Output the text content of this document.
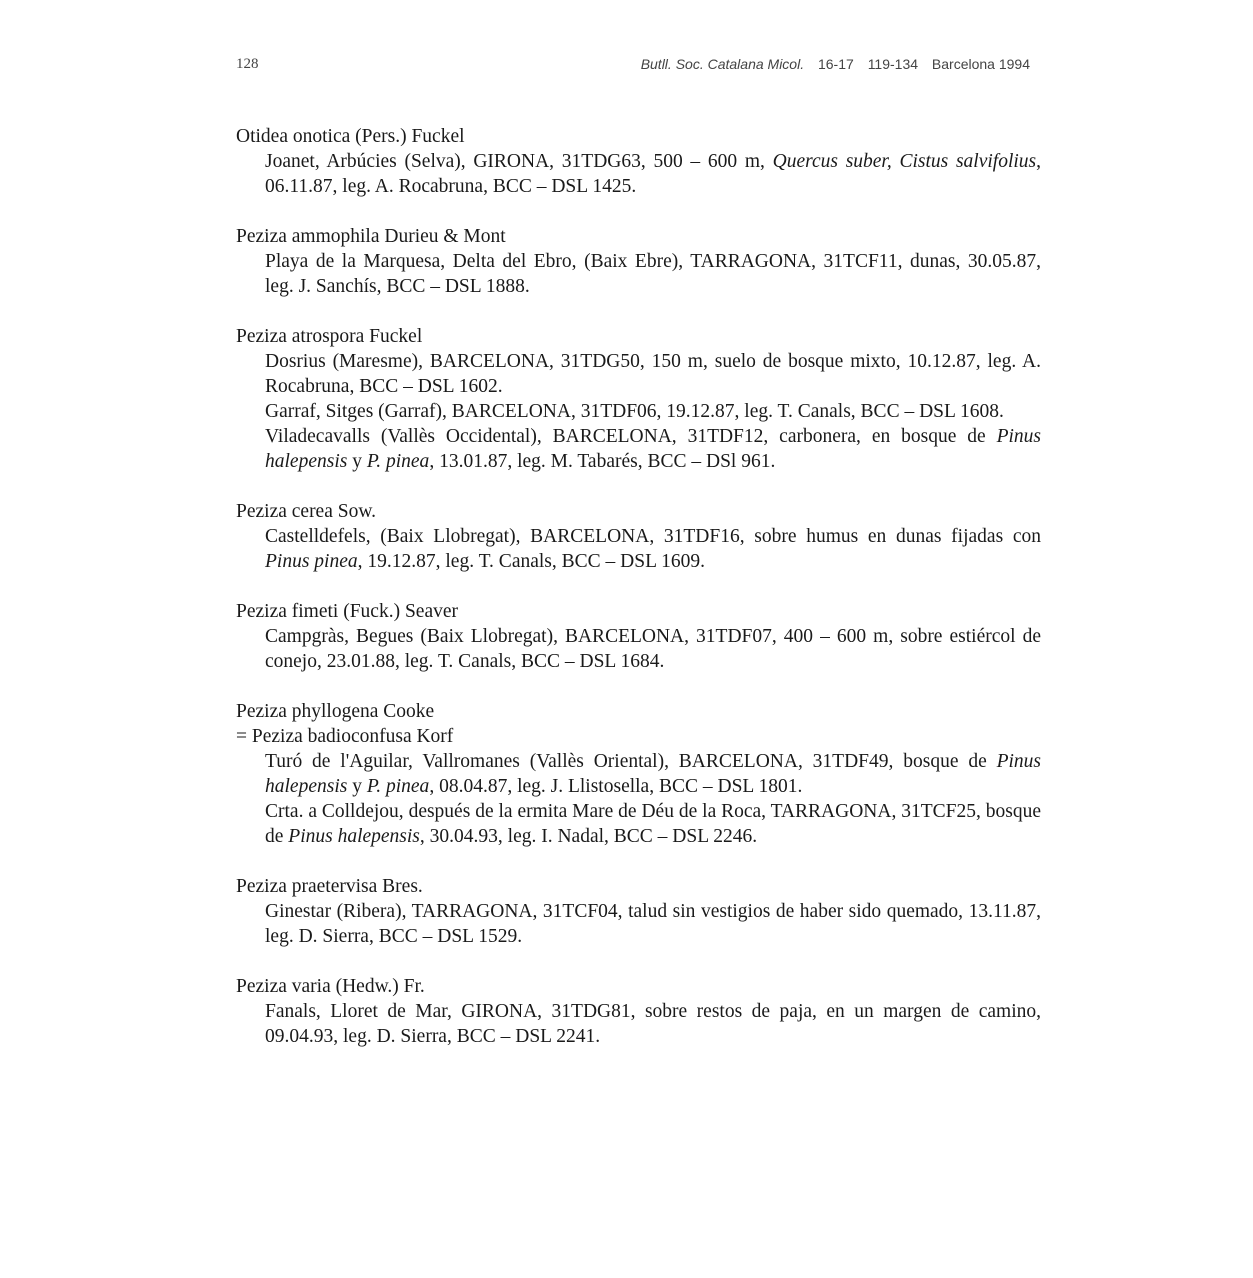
128	Butll. Soc. Catalana Micol. 16-17 119-134 Barcelona 1994

Otidea onotica (Pers.) Fuckel

Joanet, Arbúcies (Selva), GIRONA, 31TDG63, 500 – 600 m, Quercus suber, Cistus salvifolius, 06.11.87, leg. A. Rocabruna, BCC – DSL 1425.

Peziza ammophila Durieu & Mont

Playa de la Marquesa, Delta del Ebro, (Baix Ebre), TARRAGONA, 31TCF11, dunas, 30.05.87, leg. J. Sanchís, BCC – DSL 1888.

Peziza atrospora Fuckel

Dosrius (Maresme), BARCELONA, 31TDG50, 150 m, suelo de bosque mixto, 10.12.87, leg. A. Rocabruna, BCC – DSL 1602.

Garraf, Sitges (Garraf), BARCELONA, 31TDF06, 19.12.87, leg. T. Canals, BCC – DSL 1608.

Viladecavalls (Vallès Occidental), BARCELONA, 31TDF12, carbonera, en bosque de Pinus halepensis y P. pinea, 13.01.87, leg. M. Tabarés, BCC – DSl 961.

Peziza cerea Sow.

Castelldefels, (Baix Llobregat), BARCELONA, 31TDF16, sobre humus en dunas fijadas con Pinus pinea, 19.12.87, leg. T. Canals, BCC – DSL 1609.

Peziza fimeti (Fuck.) Seaver

Campgràs, Begues (Baix Llobregat), BARCELONA, 31TDF07, 400 – 600 m, sobre estiércol de conejo, 23.01.88, leg. T. Canals, BCC – DSL 1684.

Peziza phyllogena Cooke

= Peziza badioconfusa Korf

Turó de l'Aguilar, Vallromanes (Vallès Oriental), BARCELONA, 31TDF49, bosque de Pinus halepensis y P. pinea, 08.04.87, leg. J. Llistosella, BCC – DSL 1801.

Crta. a Colldejou, después de la ermita Mare de Déu de la Roca, TARRAGONA, 31TCF25, bosque de Pinus halepensis, 30.04.93, leg. I. Nadal, BCC – DSL 2246.

Peziza praetervisa Bres.

Ginestar (Ribera), TARRAGONA, 31TCF04, talud sin vestigios de haber sido quemado, 13.11.87, leg. D. Sierra, BCC – DSL 1529.

Peziza varia (Hedw.) Fr.

Fanals, Lloret de Mar, GIRONA, 31TDG81, sobre restos de paja, en un margen de camino, 09.04.93, leg. D. Sierra, BCC – DSL 2241.
